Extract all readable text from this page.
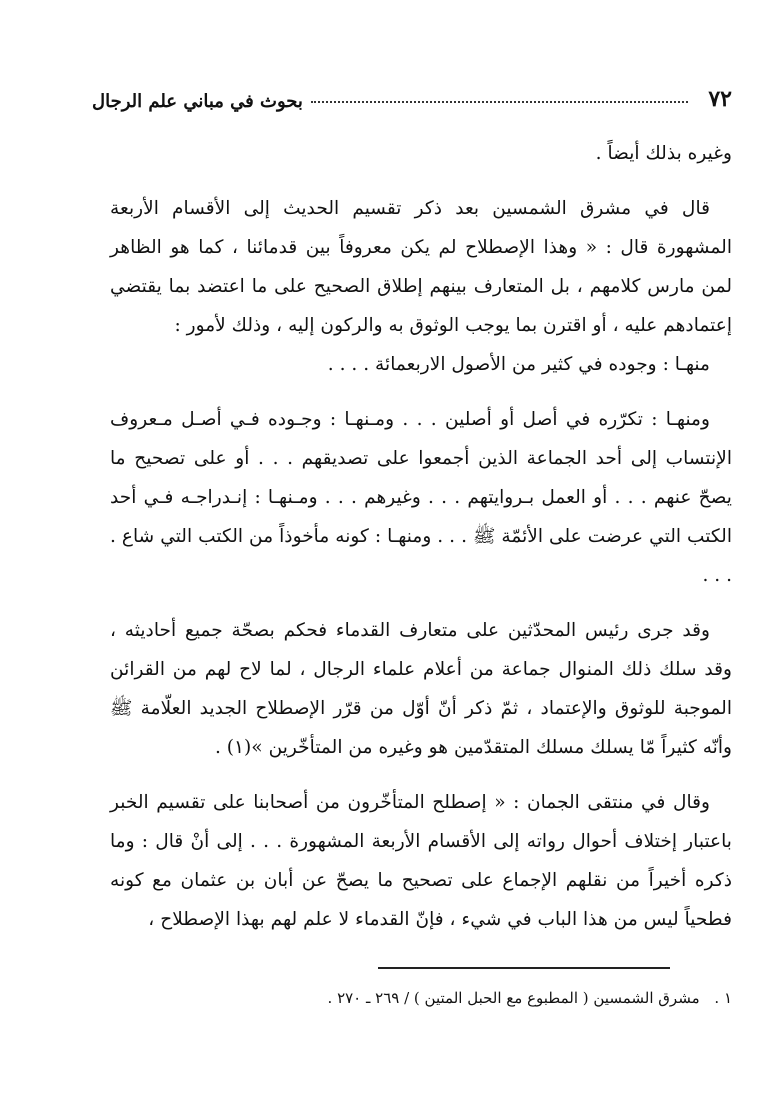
٧٢
بحوث في مباني علم الرجال

وغيره بذلك أيضاً .

قال في مشرق الشمسين بعد ذكر تقسيم الحديث إلى الأقسام الأربعة المشهورة قال : « وهذا الإصطلاح لم يكن معروفاً بين قدمائنا ، كما هو الظاهر لمن مارس كلامهم ، بل المتعارف بينهم إطلاق الصحيح على ما اعتضد بما يقتضي إعتمادهم عليه ، أو اقترن بما يوجب الوثوق به والركون إليه ، وذلك لأمور :

منهـا : وجوده في كثير من الأصول الاربعمائة . . . .

ومنهـا : تكرّره في أصل أو أصلين . . . ومـنهـا : وجـوده فـي أصـل مـعروف الإنتساب إلى أحد الجماعة الذين أجمعوا على تصديقهم . . . أو على تصحيح ما يصحّ عنهم . . . أو العمل بـروايتهم . . . وغيرهم . . . ومـنهـا : إنـدراجـه فـي أحد الكتب التي عرضت على الأئمّة ﷺ . . . ومنهـا : كونه مأخوذاً من الكتب التي شاع . . . .

وقد جرى رئيس المحدّثين على متعارف القدماء فحكم بصحّة جميع أحاديثه ، وقد سلك ذلك المنوال جماعة من أعلام علماء الرجال ، لما لاح لهم من القرائن الموجبة للوثوق والإعتماد ، ثمّ ذكر أنّ أوّل من قرّر الإصطلاح الجديد العلّامة ﷺ وأنّه كثيراً مّا يسلك مسلك المتقدّمين هو وغيره من المتأخّرين »(١) .

وقال في منتقى الجمان : « إصطلح المتأخّرون من أصحابنا على تقسيم الخبر باعتبار إختلاف أحوال رواته إلى الأقسام الأربعة المشهورة . . . إلى أنْ قال : وما ذكره أخيراً من نقلهم الإجماع على تصحيح ما يصحّ عن أبان بن عثمان مع كونه فطحياً ليس من هذا الباب في شيء ، فإنّ القدماء لا علم لهم بهذا الإصطلاح ،

١ . مشرق الشمسين ( المطبوع مع الحبل المتين ) / ٢٦٩ ـ ٢٧٠ .
